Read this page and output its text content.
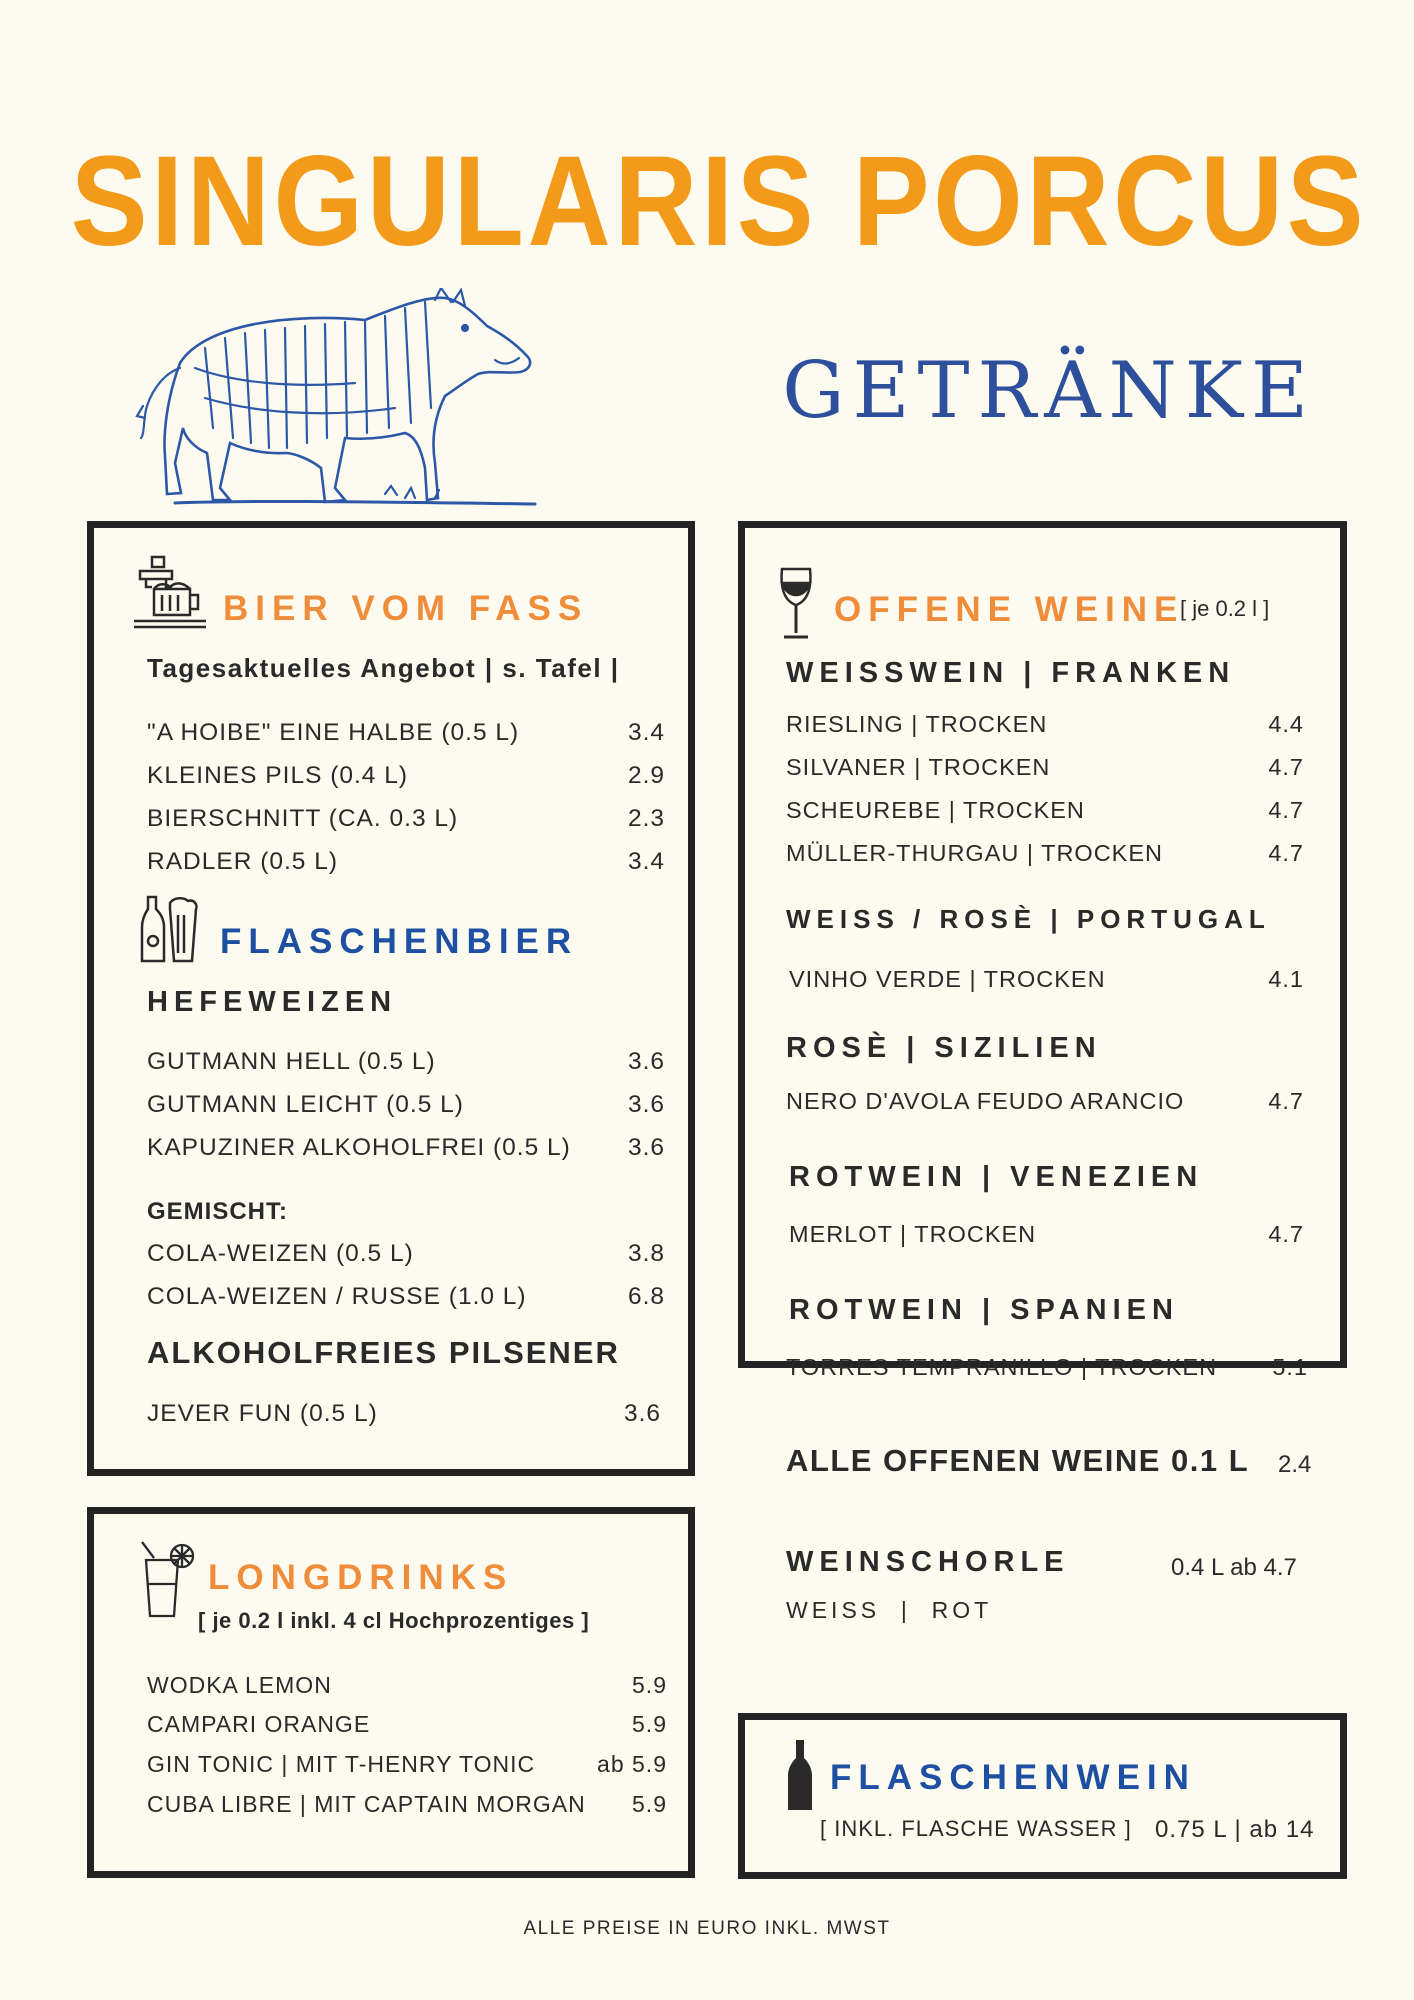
SINGULARIS PORCUS
GETRÄNKE
BIER VOM FASS
Tagesaktuelles Angebot | s. Tafel |
"A HOIBE" EINE HALBE (0.5 L)	3.4
KLEINES PILS (0.4 L)	2.9
BIERSCHNITT (CA. 0.3 L)	2.3
RADLER (0.5 L)	3.4
FLASCHENBIER
HEFEWEIZEN
GUTMANN HELL (0.5 L)	3.6
GUTMANN LEICHT (0.5 L)	3.6
KAPUZINER ALKOHOLFREI (0.5 L) 3.6
GEMISCHT:
COLA-WEIZEN (0.5 L)	3.8
COLA-WEIZEN / RUSSE (1.0 L)	6.8
ALKOHOLFREIES PILSENER
JEVER FUN (0.5 L)	3.6
LONGDRINKS
[ je 0.2 l inkl. 4 cl Hochprozentiges ]
WODKA LEMON	5.9
CAMPARI ORANGE	5.9
GIN TONIC | MIT T-HENRY TONIC	ab 5.9
CUBA LIBRE | MIT CAPTAIN MORGAN 5.9
OFFENE WEINE
[ je 0.2 l ]
WEISSWEIN | FRANKEN
RIESLING | TROCKEN	4.4
SILVANER | TROCKEN	4.7
SCHEUREBE | TROCKEN	4.7
MÜLLER-THURGAU | TROCKEN	4.7
WEISS / ROSÈ | PORTUGAL
VINHO VERDE | TROCKEN	4.1
ROSÈ | SIZILIEN
NERO D'AVOLA FEUDO ARANCIO	4.7
ROTWEIN | VENEZIEN
MERLOT | TROCKEN	4.7
ROTWEIN | SPANIEN
TORRES TEMPRANILLO | TROCKEN 5.1
ALLE OFFENEN WEINE 0.1 L 2.4
WEINSCHORLE	0.4 L ab 4.7
WEISS  |  ROT
FLASCHENWEIN
[ INKL. FLASCHE WASSER ] 0.75 L | ab 14
ALLE PREISE IN EURO INKL. MWST
